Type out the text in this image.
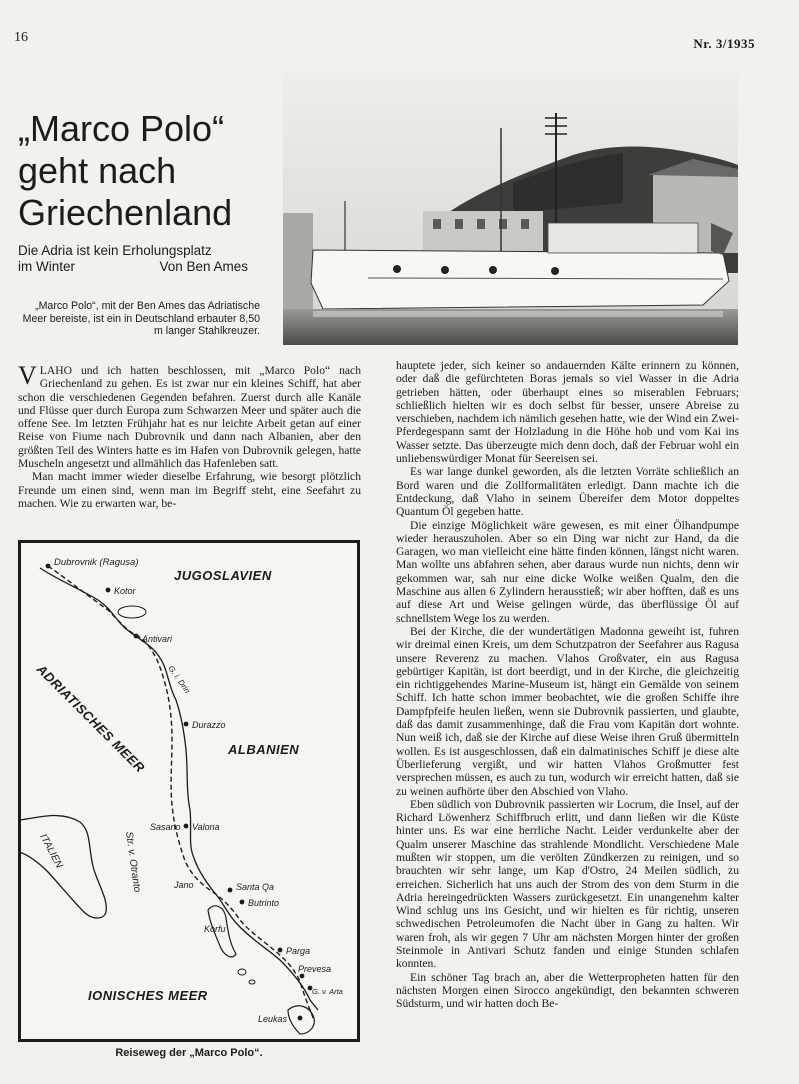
16	Nr. 3/1935
„Marco Polo“
geht nach
Griechenland
Die Adria ist kein Erholungsplatz
im Winter	Von Ben Ames
„Marco Polo“, mit der Ben Ames das Adriatische Meer bereiste, ist ein in Deutschland erbauter 8,50 m langer Stahlkreuzer.

VLAHO und ich hatten beschlossen, mit „Marco Polo“ nach Griechenland zu gehen. Es ist zwar nur ein kleines Schiff, hat aber schon die verschiedenen Gegenden befahren. Zuerst durch alle Kanäle und Flüsse quer durch Europa zum Schwarzen Meer und später auch die offene See. Im letzten Frühjahr hat es nur leichte Arbeit getan auf einer Reise von Fiume nach Dubrovnik und dann nach Albanien, aber den größten Teil des Winters hatte es im Hafen von Dubrovnik gelegen, hatte Muscheln angesetzt und allmählich das Hafenleben satt.

Man macht immer wieder dieselbe Erfahrung, wie besorgt plötzlich Freunde um einen sind, wenn man im Begriff steht, eine Seefahrt zu machen. Wie zu erwarten war, be-

ITALIEN
Dubrovnik (Ragusa)
Kotor
Antivari
G. i. Drin
Durazzo
Valona
Sasano
Jano	Santa Qa
Butrinto
Korfu
Parga
Prevesa
G. v. Arta
Leukas
JUGOSLAVIEN
ADRIATISCHES MEER	ALBANIEN
Str. v. Otranto
IONISCHES MEER
Reiseweg der „Marco Polo“.

hauptete jeder, sich keiner so andauernden Kälte erinnern zu können, oder daß die gefürchteten Boras jemals so viel Wasser in die Adria getrieben hätten, oder überhaupt eines so miserablen Februars; schließlich hielten wir es doch selbst für besser, unsere Abreise zu verschieben, nachdem ich nämlich gesehen hatte, wie der Wind ein Zwei-Pferdegespann samt der Holzladung in die Höhe hob und vom Kai ins Wasser setzte. Das überzeugte mich denn doch, daß der Februar wohl ein unliebenswürdiger Monat für Seereisen sei.

Es war lange dunkel geworden, als die letzten Vorräte schließlich an Bord waren und die Zollformalitäten erledigt. Dann machte ich die Entdeckung, daß Vlaho in seinem Übereifer dem Motor doppeltes Quantum Öl gegeben hatte.

Die einzige Möglichkeit wäre gewesen, es mit einer Ölhandpumpe wieder herauszuholen. Aber so ein Ding war nicht zur Hand, da die Garagen, wo man vielleicht eine hätte finden können, längst nicht waren. Man wollte uns abfahren sehen, aber daraus wurde nun nichts, denn wir gekommen war, sah nur eine dicke Wolke weißen Qualm, den die Maschine aus allen 6 Zylindern herausstieß; wir aber hofften, daß es uns auf diese Art und Weise gelingen würde, das überflüssige Öl auf schnellstem Wege los zu werden.

Bei der Kirche, die der wundertätigen Madonna geweiht ist, fuhren wir dreimal einen Kreis, um dem Schutzpatron der Seefahrer aus Ragusa unsere Reverenz zu machen. Vlahos Großvater, ein aus Ragusa gebürtiger Kapitän, ist dort beerdigt, und in der Kirche, die gleichzeitig ein richtiggehendes Marine-Museum ist, hängt ein Gemälde von seinem Schiff. Ich hatte schon immer beobachtet, wie die großen Schiffe ihre Dampfpfeife heulen ließen, wenn sie Dubrovnik passierten, und glaubte, daß das damit zusammenhinge, daß die Frau vom Kapitän dort wohnte. Nun weiß ich, daß sie der Kirche auf diese Weise ihren Gruß übermitteln wollen. Es ist ausgeschlossen, daß ein dalmatinisches Schiff je diese alte Überlieferung vergißt, und wir hatten Vlahos Großmutter fest versprechen müssen, es auch zu tun, wodurch wir erreicht hatten, daß sie zu weinen aufhörte über den Abschied von Vlaho.

Eben südlich von Dubrovnik passierten wir Locrum, die Insel, auf der Richard Löwenherz Schiffbruch erlitt, und dann ließen wir die Küste hinter uns. Es war eine herrliche Nacht. Leider verdunkelte aber der Qualm unserer Maschine das strahlende Mondlicht. Verschiedene Male mußten wir stoppen, um die verölten Zündkerzen zu reinigen, und so brauchten wir sehr lange, um Kap d'Ostro, 24 Meilen südlich, zu erreichen. Sicherlich hat uns auch der Strom des von dem Sturm in die Adria hereingedrückten Wassers zurückgesetzt. Ein unangenehm kalter Wind schlug uns ins Gesicht, und wir hielten es für richtig, unseren schwedischen Petroleumofen die Nacht über in Gang zu halten. Wir waren froh, als wir gegen 7 Uhr am nächsten Morgen hinter der großen Steinmole in Antivari Schutz fanden und einige Stunden schlafen konnten.

Ein schöner Tag brach an, aber die Wetterpropheten hatten für den nächsten Morgen einen Sirocco angekündigt, den bekannten schweren Südsturm, und wir hatten doch Be-
